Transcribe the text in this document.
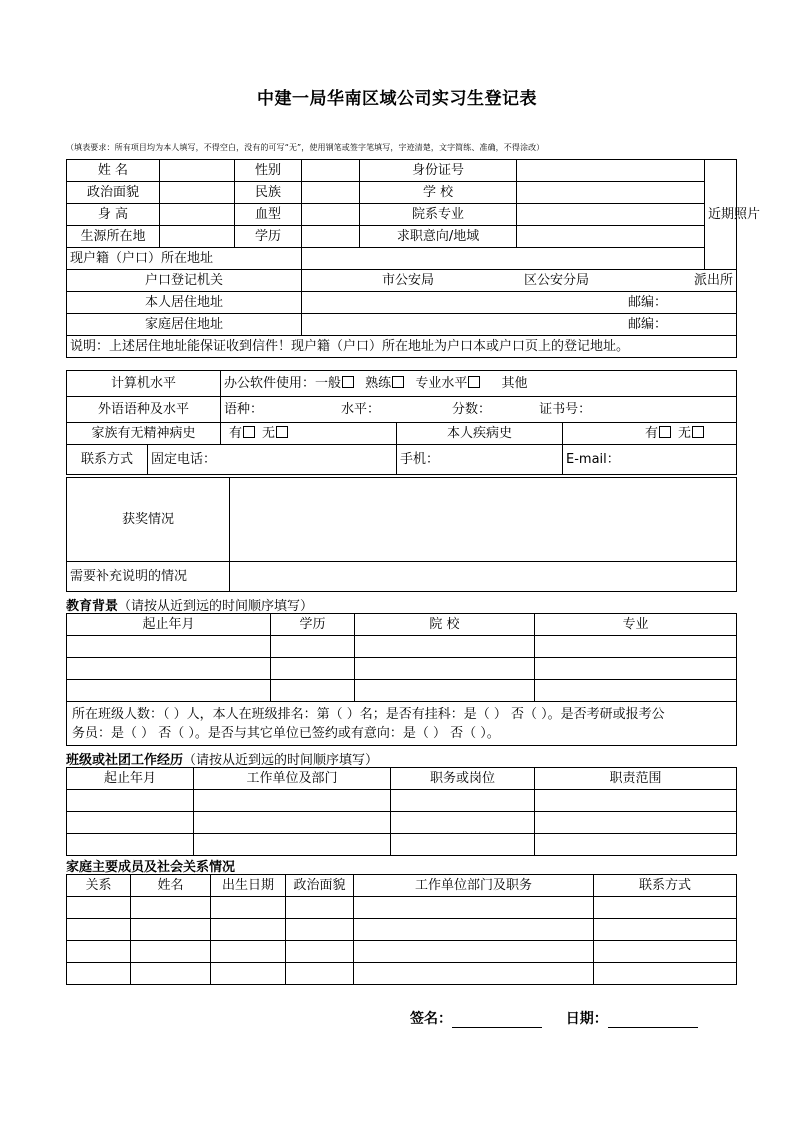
中建一局华南区域公司实习生登记表
（填表要求：所有项目均为本人填写，不得空白，没有的可写“无”，使用钢笔或签字笔填写，字迹清楚，文字简练、准确，不得涂改）
姓 名		性别		身份证号		近期照片
政治面貌		民族		学 校		
身 高		血型		院系专业		
生源所在地		学历		求职意向/地域		
现户籍（户口）所在地址						
户口登记机关			市公安局 区公安分局 派出所			
本人居住地址			邮编：			
家庭居住地址			邮编：			
说明：上述居住地址能保证收到信件！现户籍（户口）所在地址为户口本或户口页上的登记地址。						
计算机水平		办公软件使用：一般 熟练 专业水平 其他		
外语语种及水平		语种： 水平： 分数： 证书号：		
家族有无精神病史		有 无	本人疾病史	有 无
联系方式	固定电话：		手机：	E-mail：
获奖情况	
需要补充说明的情况	
教育背景（请按从近到远的时间顺序填写）
起止年月	学历	院 校	专业

所在班级人数：（ ）人，本人在班级排名：第（ ）名；是否有挂科：是（ ） 否（ ）。是否考研或报考公
务员：是（ ） 否（ ）。是否与其它单位已签约或有意向：是（ ） 否（ ）。			
班级或社团工作经历（请按从近到远的时间顺序填写）
起止年月	工作单位及部门	职务或岗位	职责范围

家庭主要成员及社会关系情况
关系	姓名	出生日期	政治面貌	工作单位部门及职务	联系方式

签名：	日期：
